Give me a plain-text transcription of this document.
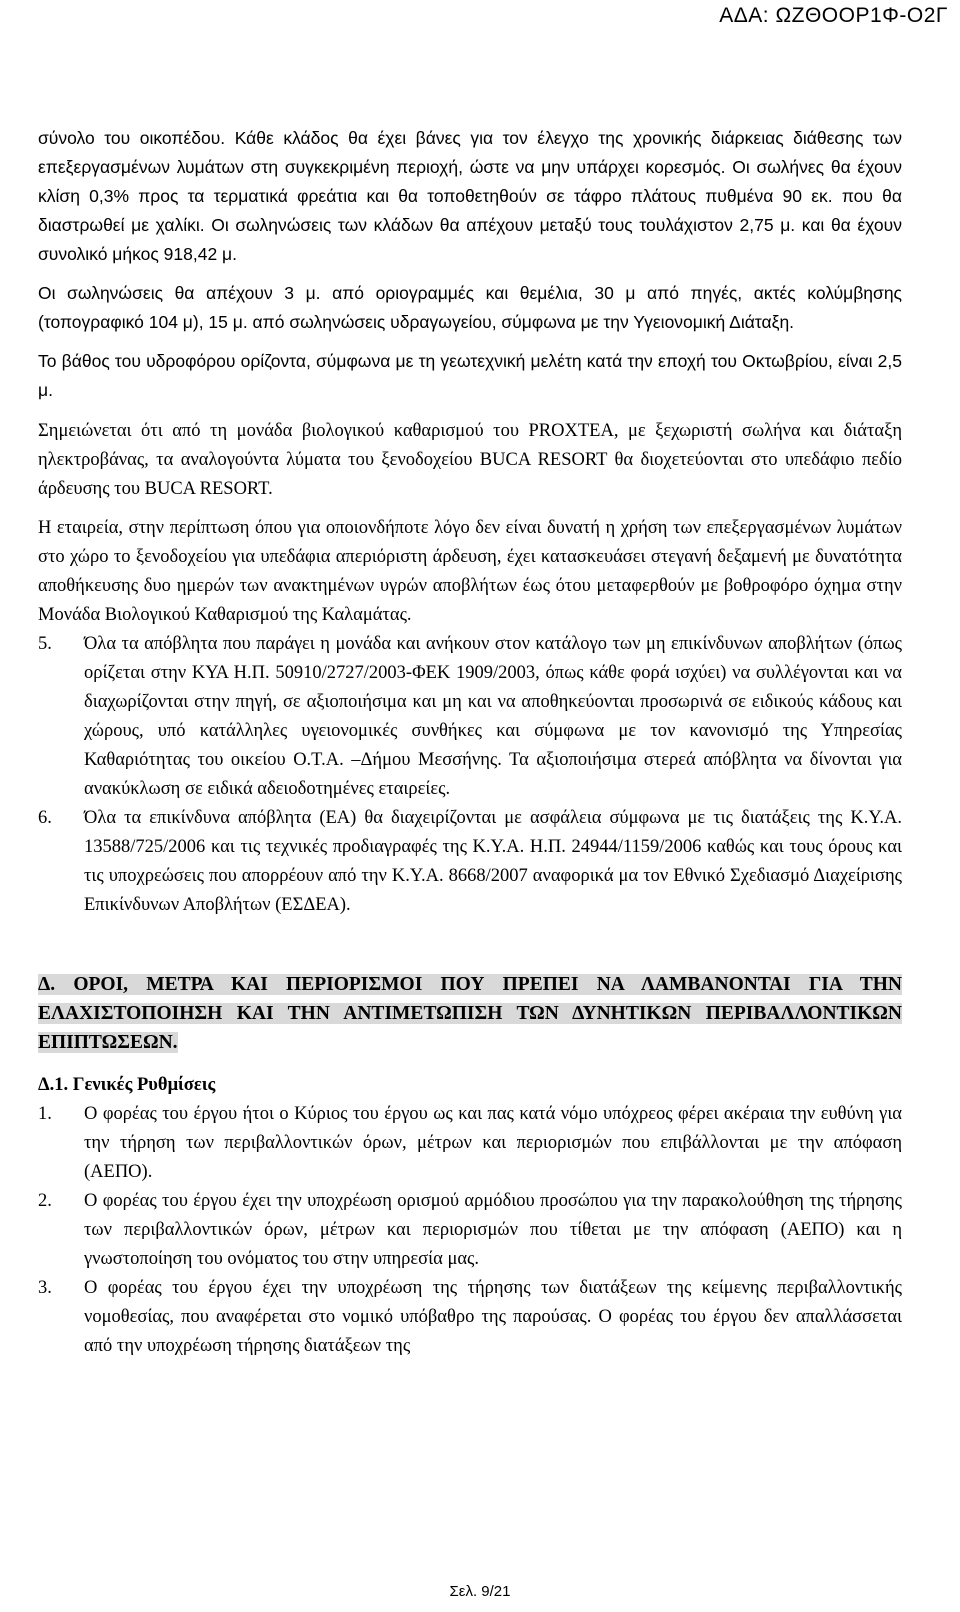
ΑΔΑ: ΩΖΘΟΟΡ1Φ-Ο2Γ

σύνολο του οικοπέδου. Κάθε κλάδος θα έχει βάνες για τον έλεγχο της χρονικής διάρκειας διάθεσης των επεξεργασμένων λυμάτων στη συγκεκριμένη περιοχή, ώστε να μην υπάρχει κορεσμός. Οι σωλήνες θα έχουν κλίση 0,3% προς τα τερματικά φρεάτια και θα τοποθετηθούν σε τάφρο πλάτους πυθμένα 90 εκ. που θα διαστρωθεί με χαλίκι. Οι σωληνώσεις των κλάδων θα απέχουν μεταξύ τους τουλάχιστον 2,75 μ. και θα έχουν συνολικό μήκος 918,42 μ.

Οι σωληνώσεις θα απέχουν 3 μ. από οριογραμμές και θεμέλια, 30 μ από πηγές, ακτές κολύμβησης (τοπογραφικό 104 μ), 15 μ. από σωληνώσεις υδραγωγείου, σύμφωνα με την Υγειονομική Διάταξη.

Το βάθος του υδροφόρου ορίζοντα, σύμφωνα με τη γεωτεχνική μελέτη κατά την εποχή του Οκτωβρίου, είναι 2,5 μ.

Σημειώνεται ότι από τη μονάδα βιολογικού καθαρισμού του PROXTEA, με ξεχωριστή σωλήνα και διάταξη ηλεκτροβάνας, τα αναλογούντα λύματα του ξενοδοχείου BUCA RESORT θα διοχετεύονται στο υπεδάφιο πεδίο άρδευσης του BUCA RESORT.

Η εταιρεία, στην περίπτωση όπου για οποιονδήποτε λόγο δεν είναι δυνατή η χρήση των επεξεργασμένων λυμάτων στο χώρο το ξενοδοχείου για υπεδάφια απεριόριστη άρδευση, έχει κατασκευάσει στεγανή δεξαμενή με δυνατότητα αποθήκευσης δυο ημερών των ανακτημένων υγρών αποβλήτων έως ότου μεταφερθούν με βοθροφόρο όχημα στην Μονάδα Βιολογικού Καθαρισμού της Καλαμάτας.

5. Όλα τα απόβλητα που παράγει η μονάδα και ανήκουν στον κατάλογο των μη επικίνδυνων αποβλήτων (όπως ορίζεται στην ΚΥΑ Η.Π. 50910/2727/2003-ΦΕΚ 1909/2003, όπως κάθε φορά ισχύει) να συλλέγονται και να διαχωρίζονται στην πηγή, σε αξιοποιήσιμα και μη και να αποθηκεύονται προσωρινά σε ειδικούς κάδους και χώρους, υπό κατάλληλες υγειονομικές συνθήκες και σύμφωνα με τον κανονισμό της Υπηρεσίας Καθαριότητας του οικείου Ο.Τ.Α. –Δήμου Μεσσήνης. Τα αξιοποιήσιμα στερεά απόβλητα να δίνονται για ανακύκλωση σε ειδικά αδειοδοτημένες εταιρείες.
6. Όλα τα επικίνδυνα απόβλητα (ΕΑ) θα διαχειρίζονται με ασφάλεια σύμφωνα με τις διατάξεις της Κ.Υ.Α. 13588/725/2006 και τις τεχνικές προδιαγραφές της Κ.Υ.Α. Η.Π. 24944/1159/2006 καθώς και τους όρους και τις υποχρεώσεις που απορρέουν από την Κ.Υ.Α. 8668/2007 αναφορικά μα τον Εθνικό Σχεδιασμό Διαχείρισης Επικίνδυνων Αποβλήτων (ΕΣΔΕΑ).
Δ. ΟΡΟΙ, ΜΕΤΡΑ ΚΑΙ ΠΕΡΙΟΡΙΣΜΟΙ ΠΟΥ ΠΡΕΠΕΙ ΝΑ ΛΑΜΒΑΝΟΝΤΑΙ ΓΙΑ ΤΗΝ ΕΛΑΧΙΣΤΟΠΟΙΗΣΗ ΚΑΙ ΤΗΝ ΑΝΤΙΜΕΤΩΠΙΣΗ ΤΩΝ ΔΥΝΗΤΙΚΩΝ ΠΕΡΙΒΑΛΛΟΝΤΙΚΩΝ ΕΠΙΠΤΩΣΕΩΝ.
Δ.1. Γενικές Ρυθμίσεις
1. Ο φορέας του έργου ήτοι ο Κύριος του έργου ως και πας κατά νόμο υπόχρεος φέρει ακέραια την ευθύνη για την τήρηση των περιβαλλοντικών όρων, μέτρων και περιορισμών που επιβάλλονται με την απόφαση (ΑΕΠΟ).
2. Ο φορέας του έργου έχει την υποχρέωση ορισμού αρμόδιου προσώπου για την παρακολούθηση της τήρησης των περιβαλλοντικών όρων, μέτρων και περιορισμών που τίθεται με την απόφαση (ΑΕΠΟ) και η γνωστοποίηση του ονόματος του στην υπηρεσία μας.
3. Ο φορέας του έργου έχει την υποχρέωση της τήρησης των διατάξεων της κείμενης περιβαλλοντικής νομοθεσίας, που αναφέρεται στο νομικό υπόβαθρο της παρούσας. Ο φορέας του έργου δεν απαλλάσσεται από την υποχρέωση τήρησης διατάξεων της
Σελ. 9/21
